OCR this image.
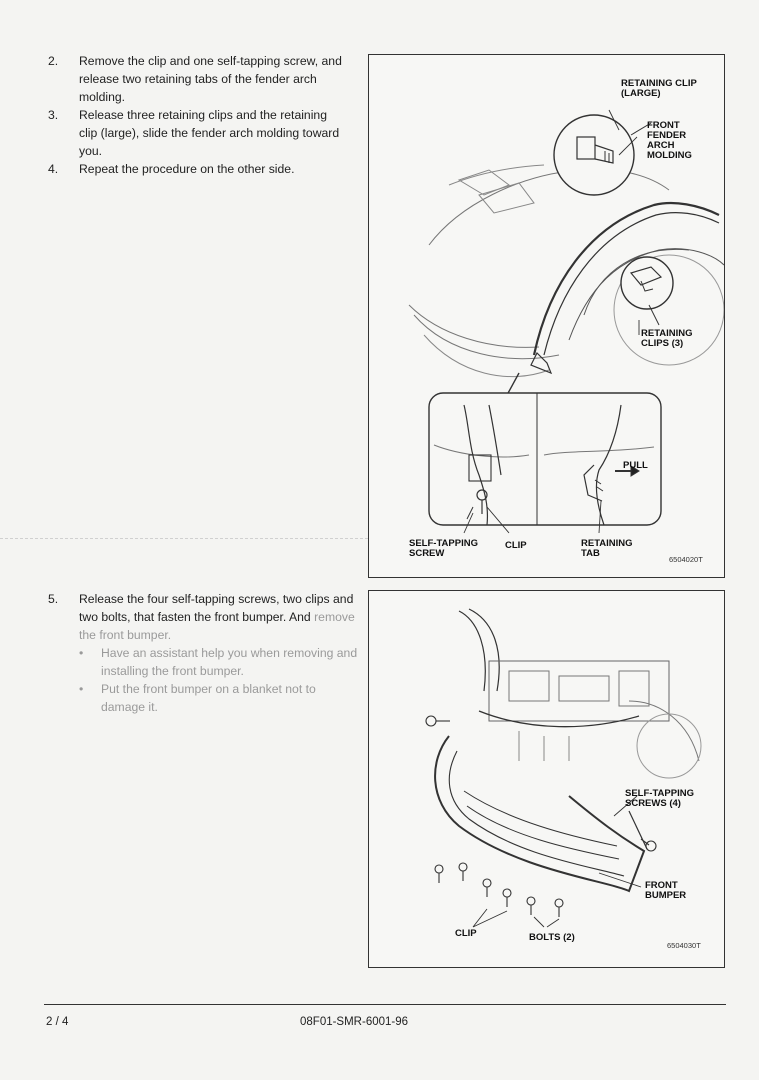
2.	Remove the clip and one self-tapping screw, and release two retaining tabs of the fender arch molding.
3.	Release three retaining clips and the retaining clip (large), slide the fender arch molding toward you.
4.	Repeat the procedure on the other side.
RETAINING CLIP
(LARGE)
FRONT
FENDER
ARCH
MOLDING
RETAINING
CLIPS (3)
PULL
SELF-TAPPING
SCREW
CLIP	RETAINING
TAB
6504020T
5.	Release the four self-tapping screws, two clips and two bolts, that fasten the front bumper. And remove the front bumper.
•	Have an assistant help you when removing and installing the front bumper.
•	Put the front bumper on a blanket not to damage it.
SELF-TAPPING
SCREWS (4)
FRONT
BUMPER
CLIP	BOLTS (2)
6504030T
2 / 4	08F01-SMR-6001-96
